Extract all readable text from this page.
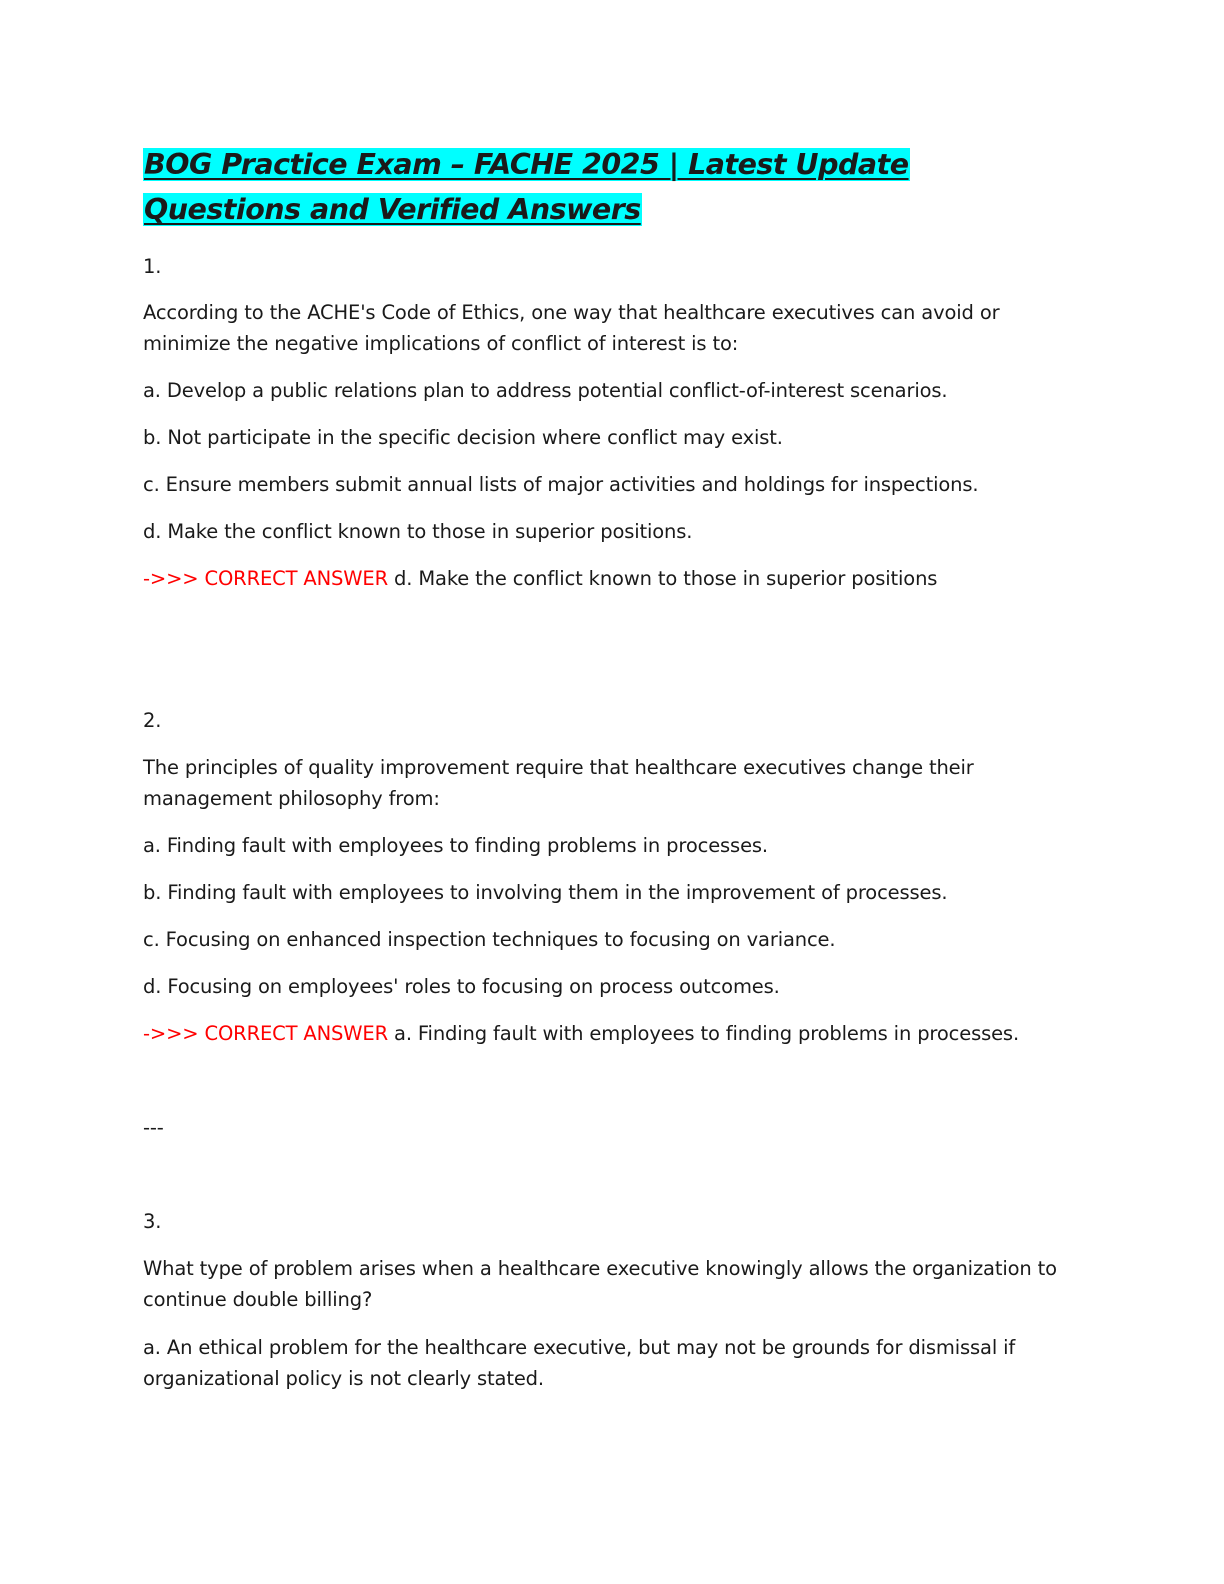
BOG Practice Exam – FACHE 2025 | Latest Update Questions and Verified Answers

1.

According to the ACHE's Code of Ethics, one way that healthcare executives can avoid or

minimize the negative implications of conflict of interest is to:

a. Develop a public relations plan to address potential conflict-of-interest scenarios.

b. Not participate in the specific decision where conflict may exist.

c. Ensure members submit annual lists of major activities and holdings for inspections.

d. Make the conflict known to those in superior positions.

->>> CORRECT ANSWER d. Make the conflict known to those in superior positions

2.

The principles of quality improvement require that healthcare executives change their

management philosophy from:

a. Finding fault with employees to finding problems in processes.

b. Finding fault with employees to involving them in the improvement of processes.

c. Focusing on enhanced inspection techniques to focusing on variance.

d. Focusing on employees' roles to focusing on process outcomes.

->>> CORRECT ANSWER a. Finding fault with employees to finding problems in processes.

---

3.

What type of problem arises when a healthcare executive knowingly allows the organization to

continue double billing?

a. An ethical problem for the healthcare executive, but may not be grounds for dismissal if

organizational policy is not clearly stated.
